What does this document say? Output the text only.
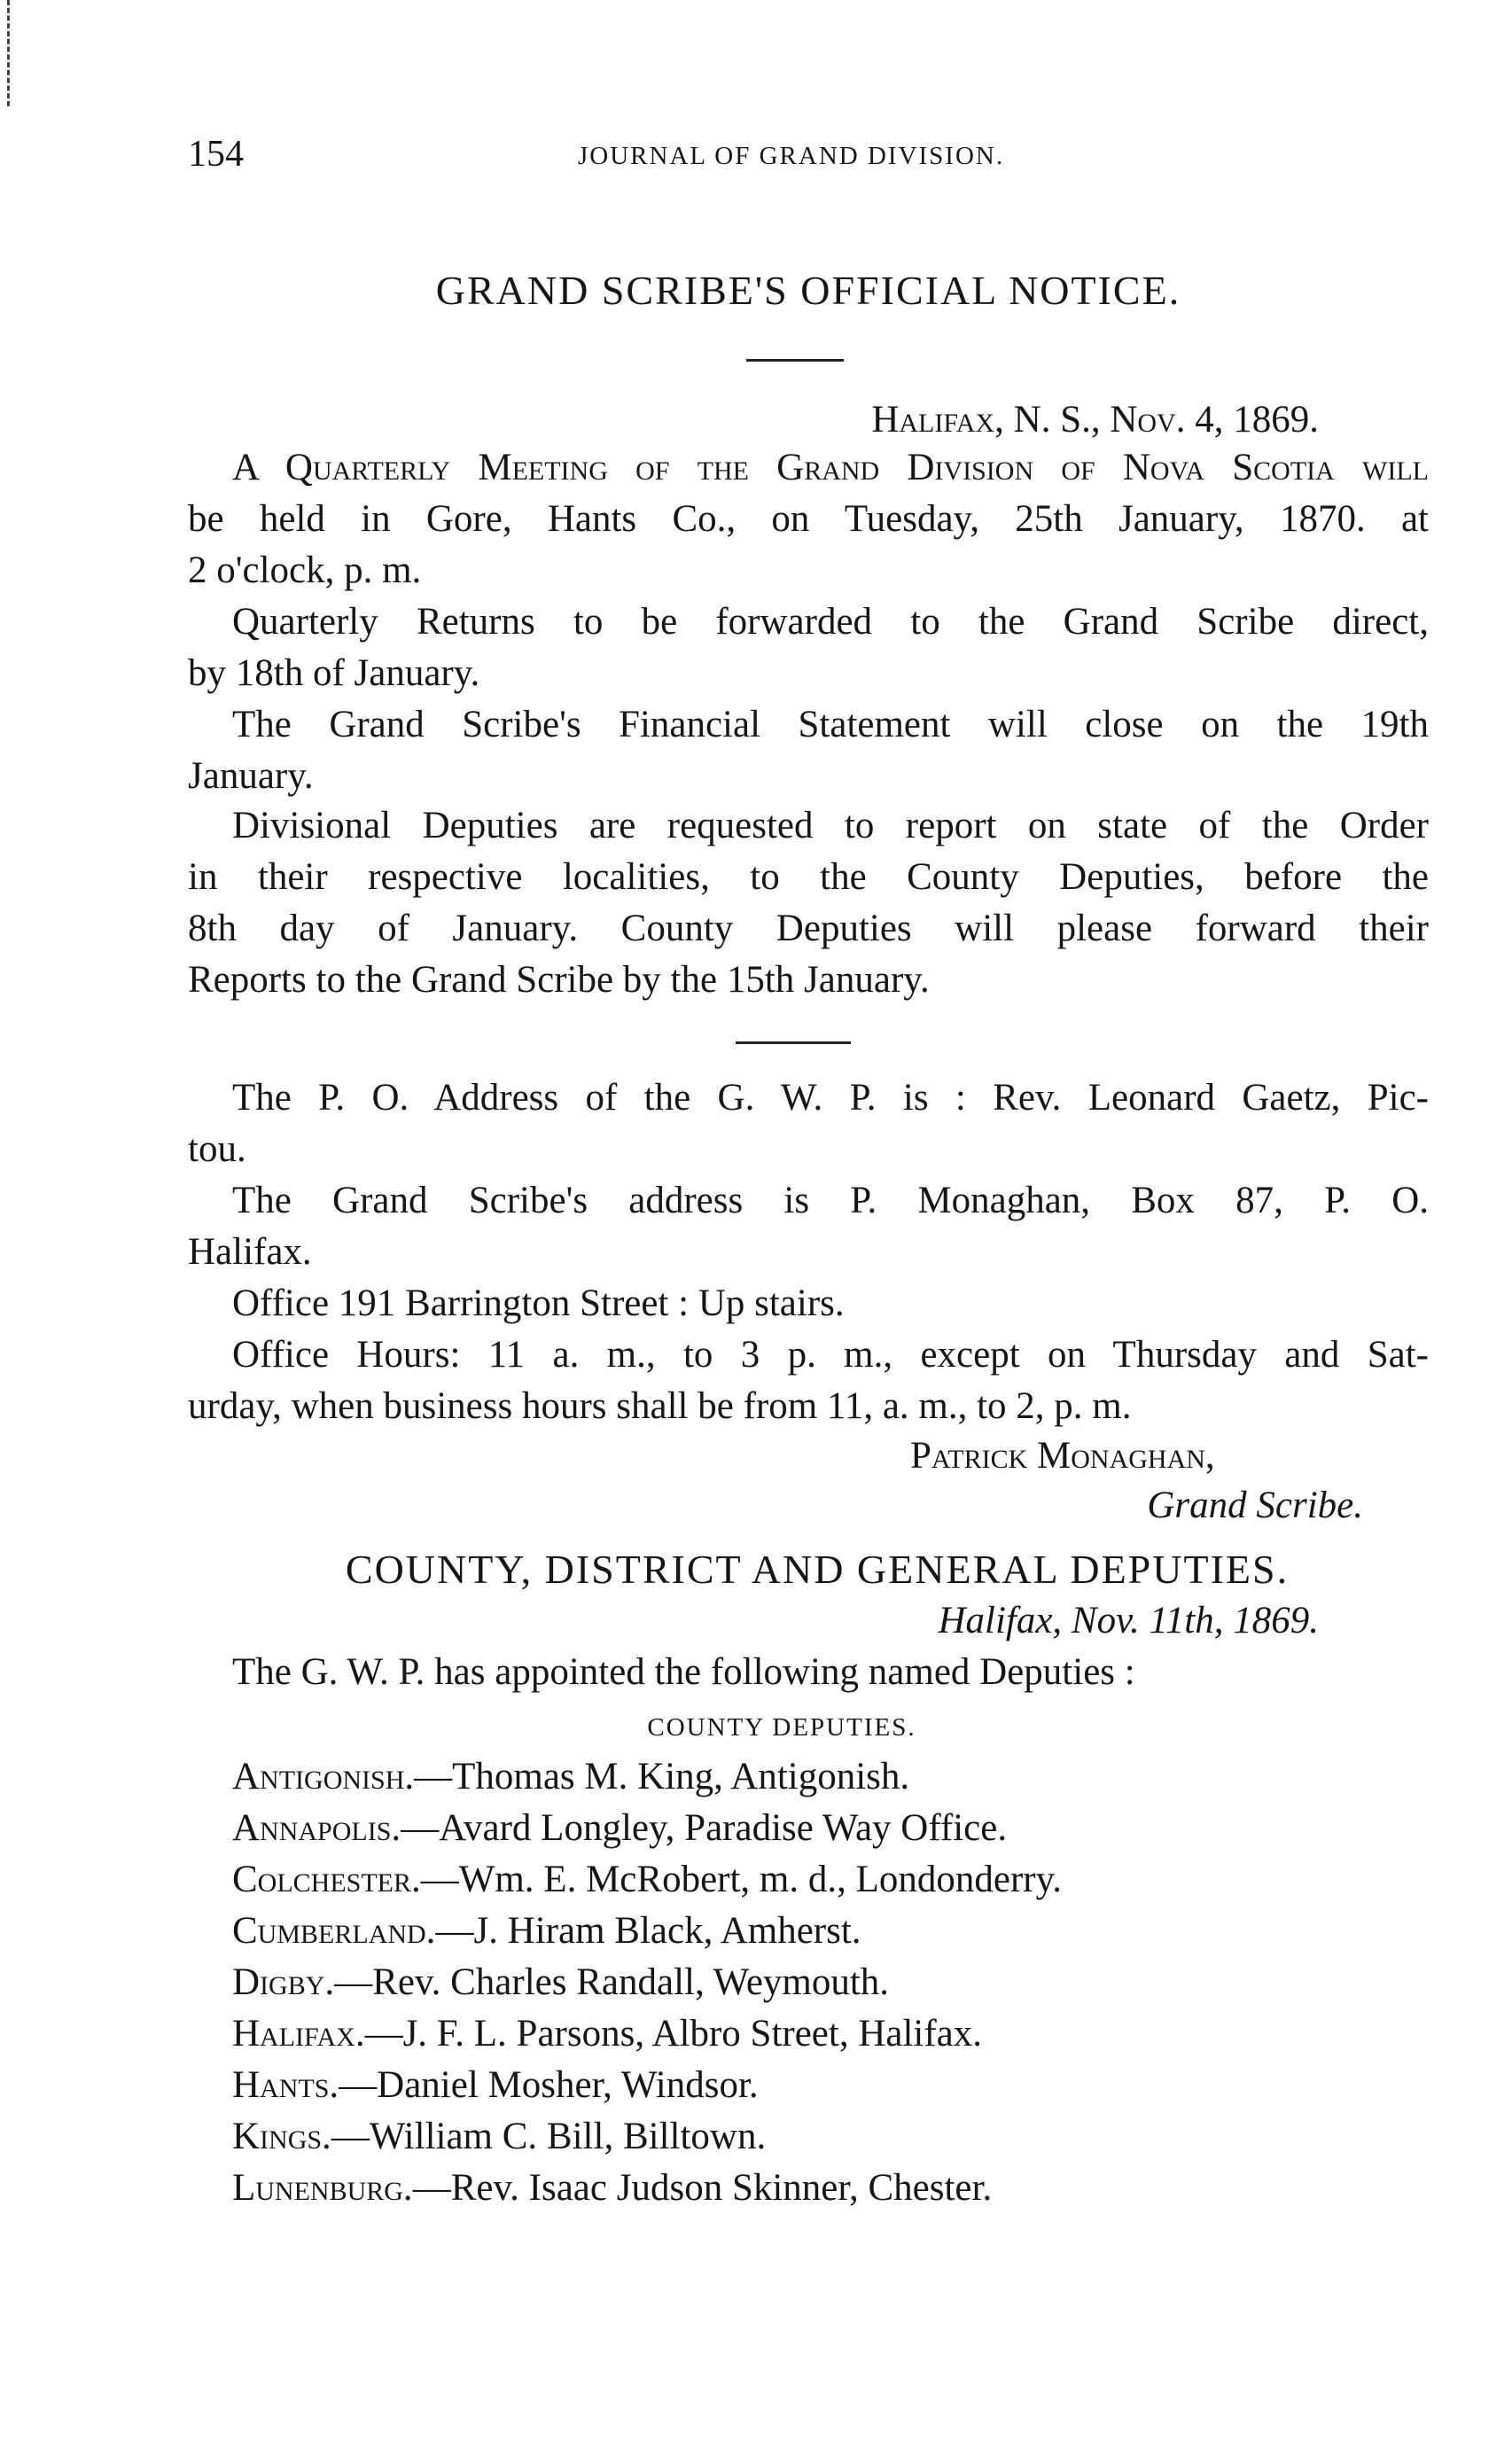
154	JOURNAL OF GRAND DIVISION.
GRAND SCRIBE'S OFFICIAL NOTICE.
Halifax, N. S., Nov. 4, 1869.
A Quarterly Meeting of the Grand Division of Nova Scotia will
be held in Gore, Hants Co., on Tuesday, 25th January, 1870. at
2 o'clock, p. m.
Quarterly Returns to be forwarded to the Grand Scribe direct,
by 18th of January.
The Grand Scribe's Financial Statement will close on the 19th
January.
Divisional Deputies are requested to report on state of the Order
in their respective localities, to the County Deputies, before the
8th day of January. County Deputies will please forward their
Reports to the Grand Scribe by the 15th January.
The P. O. Address of the G. W. P. is : Rev. Leonard Gaetz, Pic-
tou.
The Grand Scribe's address is P. Monaghan, Box 87, P. O.
Halifax.
Office 191 Barrington Street : Up stairs.
Office Hours: 11 a. m., to 3 p. m., except on Thursday and Sat-
urday, when business hours shall be from 11, a. m., to 2, p. m.
Patrick Monaghan,
Grand Scribe.
COUNTY, DISTRICT AND GENERAL DEPUTIES.
Halifax, Nov. 11th, 1869.
The G. W. P. has appointed the following named Deputies :
COUNTY DEPUTIES.
Antigonish.—Thomas M. King, Antigonish.
Annapolis.—Avard Longley, Paradise Way Office.
Colchester.—Wm. E. McRobert, m. d., Londonderry.
Cumberland.—J. Hiram Black, Amherst.
Digby.—Rev. Charles Randall, Weymouth.
Halifax.—J. F. L. Parsons, Albro Street, Halifax.
Hants.—Daniel Mosher, Windsor.
Kings.—William C. Bill, Billtown.
Lunenburg.—Rev. Isaac Judson Skinner, Chester.
